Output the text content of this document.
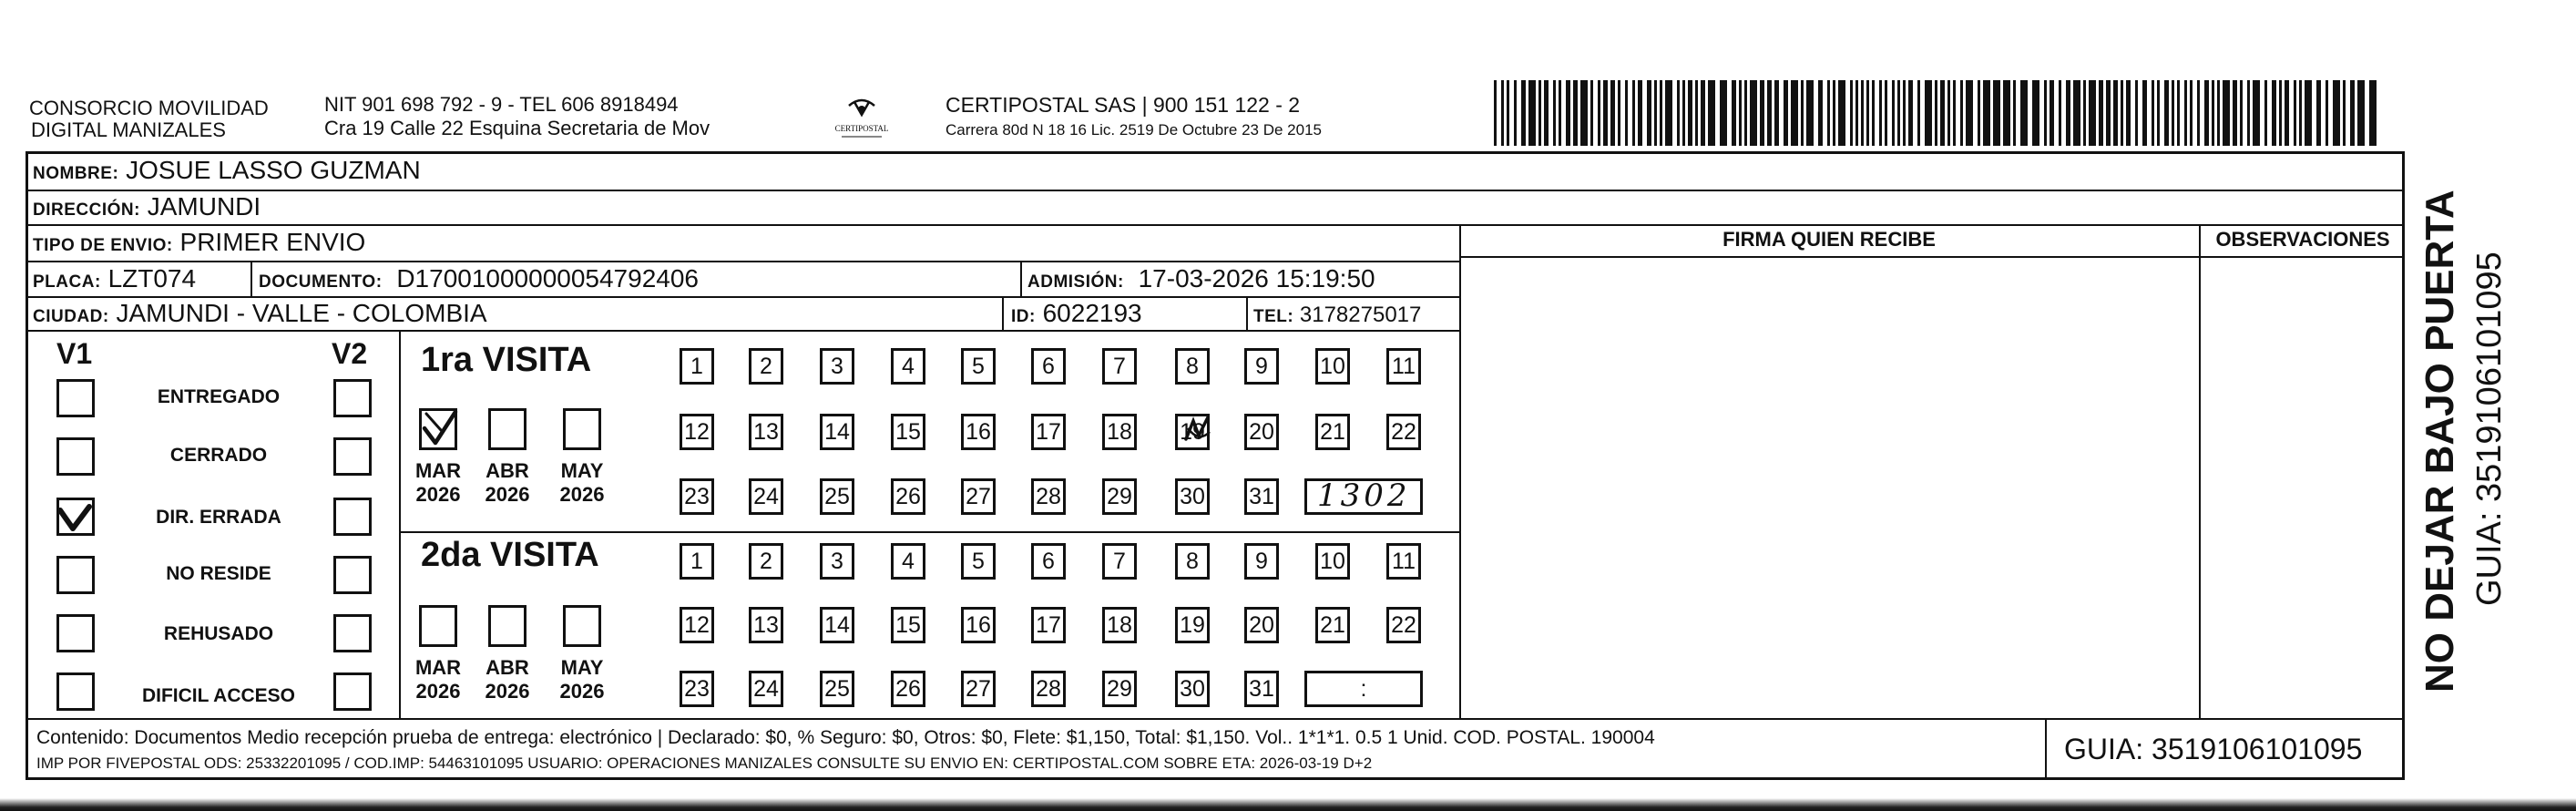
CONSORCIO MOVILIDAD
DIGITAL MANIZALES
NIT 901 698 792 - 9 - TEL 606 8918494
Cra 19 Calle 22 Esquina Secretaria de Mov	CERTIPOSTAL
CERTIPOSTAL SAS | 900 151 122 - 2
Carrera 80d N 18 16 Lic. 2519 De Octubre 23 De 2015
NOMBRE: JOSUE LASSO GUZMAN
DIRECCIÓN: JAMUNDI
TIPO DE ENVIO: PRIMER ENVIO
PLACA: LZT074	DOCUMENTO: D17001000000054792406	ADMISIÓN: 17-03-2026 15:19:50
CIUDAD: JAMUNDI - VALLE - COLOMBIA	ID: 6022193	TEL: 3178275017
FIRMA QUIEN RECIBE	OBSERVACIONES
V1	V2
ENTREGADO
CERRADO
DIR. ERRADA
NO RESIDE
REHUSADO
DIFICIL ACCESO
1ra VISITA
MAR
2026
ABR
2026
MAY
2026
1	2	3	4	5	6	7	8	9	10 11
12 13 14 15 16 17 18 19 20 21 22
23 24 25 26 27 28 29 30 31 1302
2da VISITA
MAR
2026
ABR
2026
MAY
2026
1	2	3	4	5	6	7	8	9	10 11
12 13 14 15 16 17 18 19 20 21 22
23 24 25 26 27 28 29 30 31	:
Contenido: Documentos Medio recepción prueba de entrega: electrónico | Declarado: $0, % Seguro: $0, Otros: $0, Flete: $1,150, Total: $1,150. Vol.. 1*1*1. 0.5 1 Unid. COD. POSTAL. 190004
IMP POR FIVEPOSTAL ODS: 25332201095 / COD.IMP: 54463101095 USUARIO: OPERACIONES MANIZALES CONSULTE SU ENVIO EN: CERTIPOSTAL.COM SOBRE ETA: 2026-03-19 D+2	GUIA: 3519106101095
NO DEJAR BAJO PUERTA GUIA: 3519106101095
